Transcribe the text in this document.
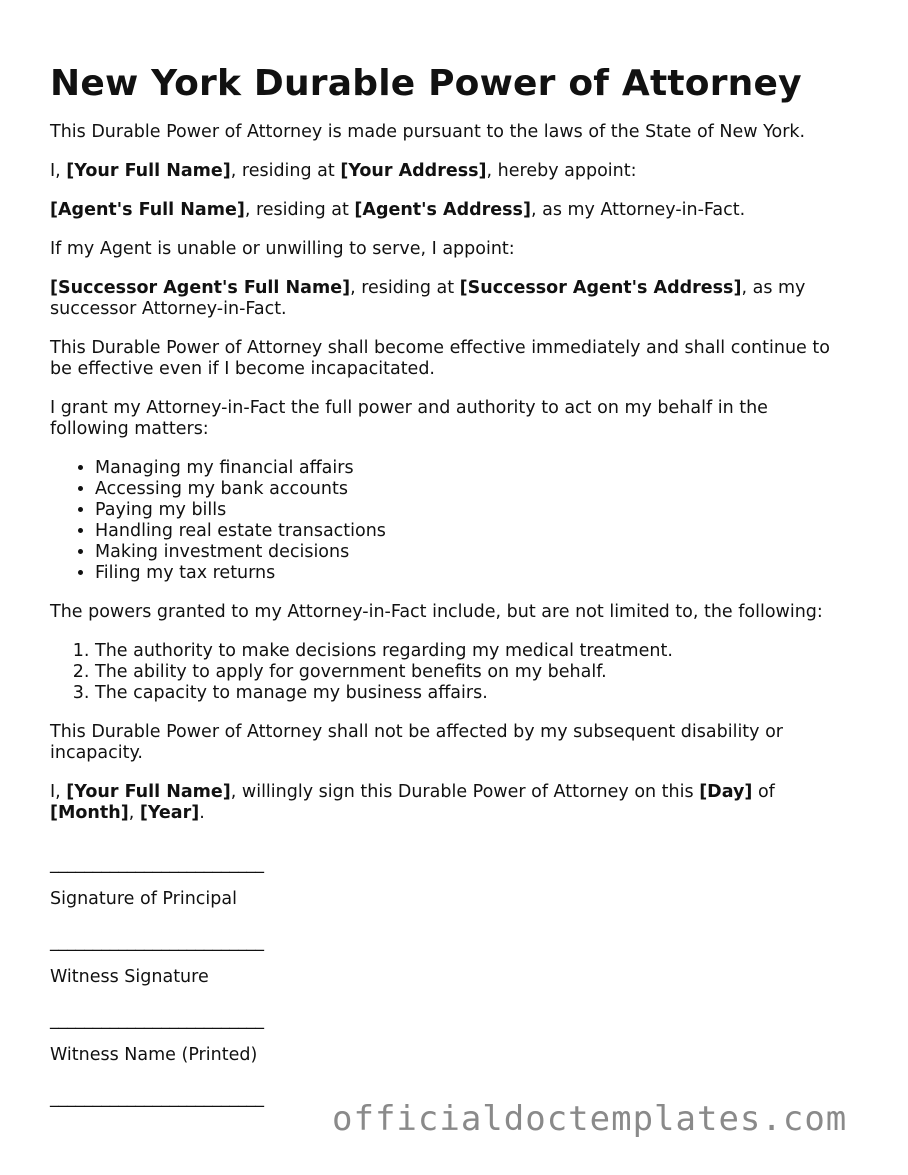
New York Durable Power of Attorney

This Durable Power of Attorney is made pursuant to the laws of the State of New York.

I, [Your Full Name], residing at [Your Address], hereby appoint:

[Agent's Full Name], residing at [Agent's Address], as my Attorney-in-Fact.

If my Agent is unable or unwilling to serve, I appoint:

[Successor Agent's Full Name], residing at [Successor Agent's Address], as my successor Attorney-in-Fact.

This Durable Power of Attorney shall become effective immediately and shall continue to be effective even if I become incapacitated.

I grant my Attorney-in-Fact the full power and authority to act on my behalf in the following matters:

• Managing my financial affairs
• Accessing my bank accounts
• Paying my bills
• Handling real estate transactions
• Making investment decisions
• Filing my tax returns

The powers granted to my Attorney-in-Fact include, but are not limited to, the following:

1. The authority to make decisions regarding my medical treatment.
2. The ability to apply for government benefits on my behalf.
3. The capacity to manage my business affairs.

This Durable Power of Attorney shall not be affected by my subsequent disability or incapacity.

I, [Your Full Name], willingly sign this Durable Power of Attorney on this [Day] of [Month], [Year].

_________________________
Signature of Principal
_________________________
Witness Signature
_________________________
Witness Name (Printed)
_________________________
officialdoctemplates.com
